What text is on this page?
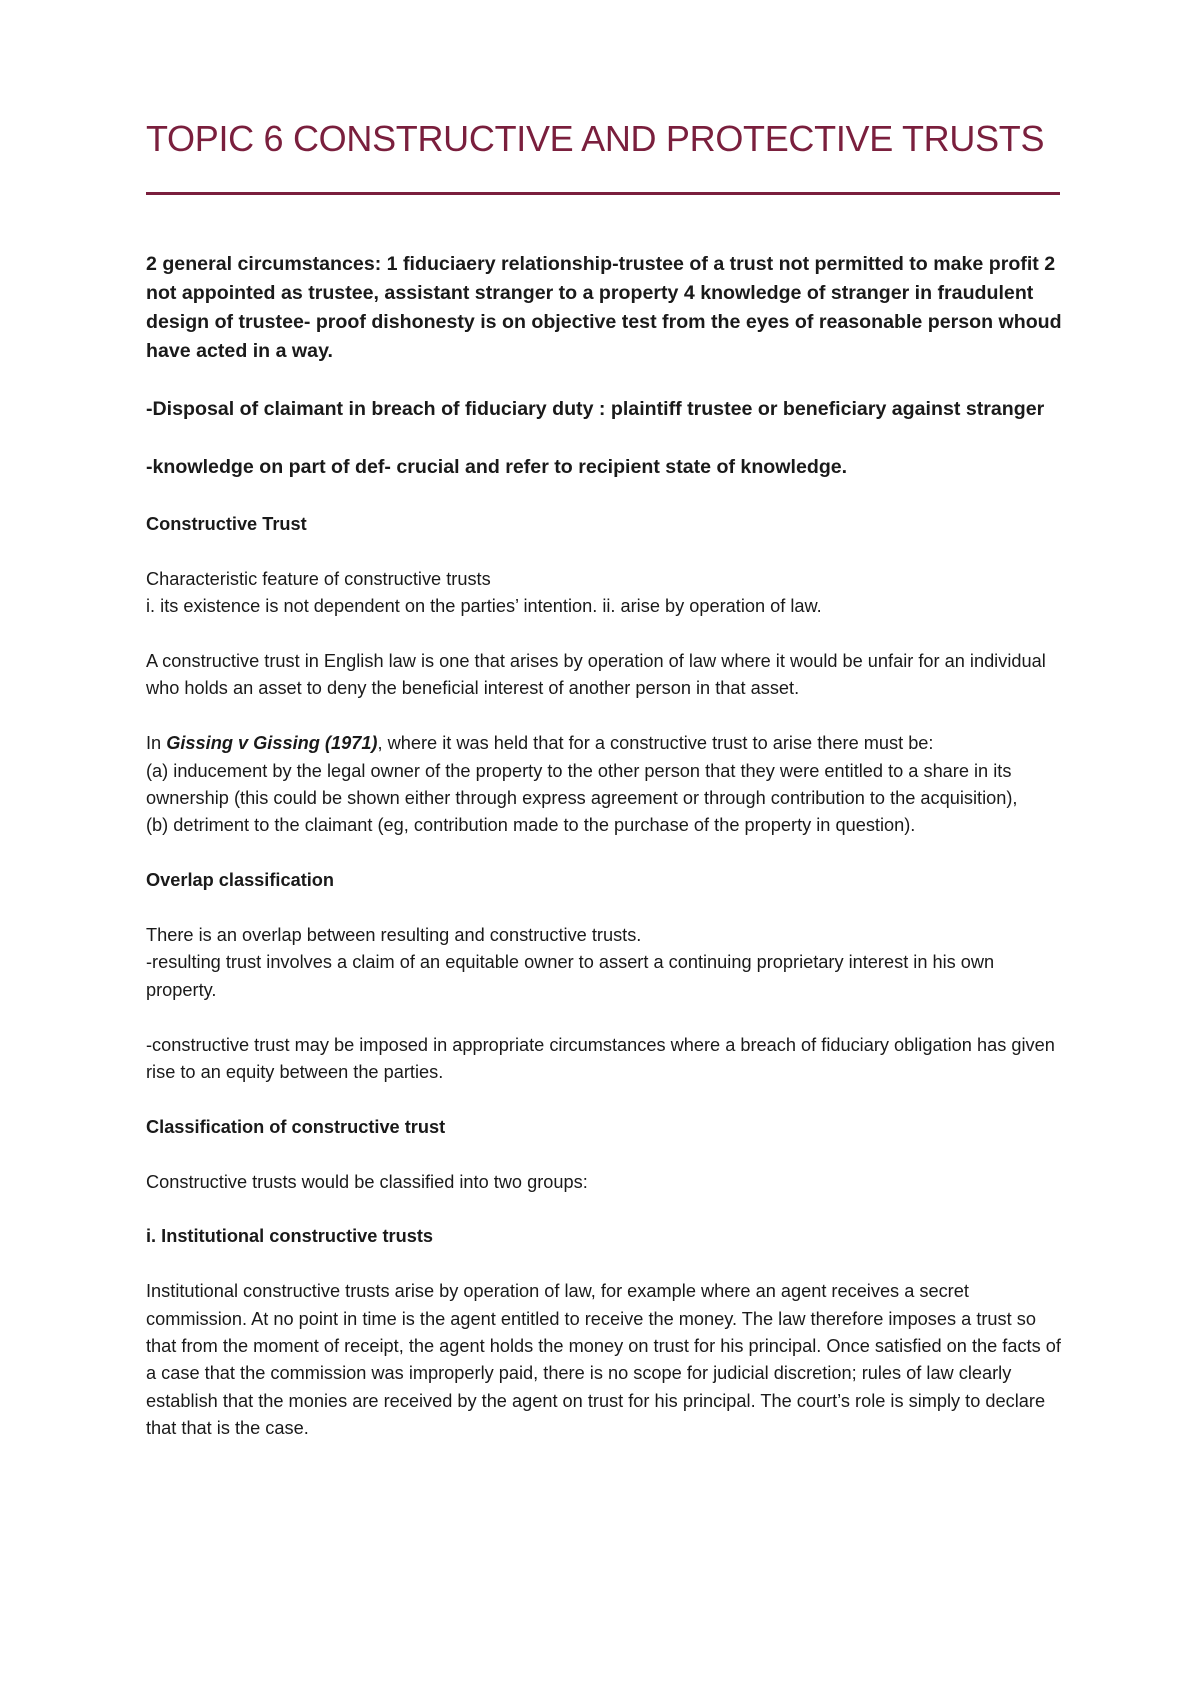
TOPIC 6 CONSTRUCTIVE AND PROTECTIVE TRUSTS

2 general circumstances: 1 fiduciaery relationship-trustee of a trust not permitted to make profit 2 not appointed as trustee, assistant stranger to a property 4 knowledge of stranger in fraudulent design of trustee- proof dishonesty is on objective test from the eyes of reasonable person whoud have acted in a way.

-Disposal of claimant in breach of fiduciary duty : plaintiff trustee or beneficiary against stranger

-knowledge on part of def- crucial and refer to recipient state of knowledge.

Constructive Trust

Characteristic feature of constructive trusts
i. its existence is not dependent on the parties’ intention. ii. arise by operation of law.

A constructive trust in English law is one that arises by operation of law where it would be unfair for an individual who holds an asset to deny the beneficial interest of another person in that asset.

In Gissing v Gissing (1971), where it was held that for a constructive trust to arise there must be:
(a) inducement by the legal owner of the property to the other person that they were entitled to a share in its ownership (this could be shown either through express agreement or through contribution to the acquisition),
(b) detriment to the claimant (eg, contribution made to the purchase of the property in question).

Overlap classification

There is an overlap between resulting and constructive trusts.
-resulting trust involves a claim of an equitable owner to assert a continuing proprietary interest in his own property.

-constructive trust may be imposed in appropriate circumstances where a breach of fiduciary obligation has given rise to an equity between the parties.

Classification of constructive trust

Constructive trusts would be classified into two groups:

i. Institutional constructive trusts

Institutional constructive trusts arise by operation of law, for example where an agent receives a secret commission. At no point in time is the agent entitled to receive the money. The law therefore imposes a trust so that from the moment of receipt, the agent holds the money on trust for his principal. Once satisfied on the facts of a case that the commission was improperly paid, there is no scope for judicial discretion; rules of law clearly establish that the monies are received by the agent on trust for his principal. The court’s role is simply to declare that that is the case.
